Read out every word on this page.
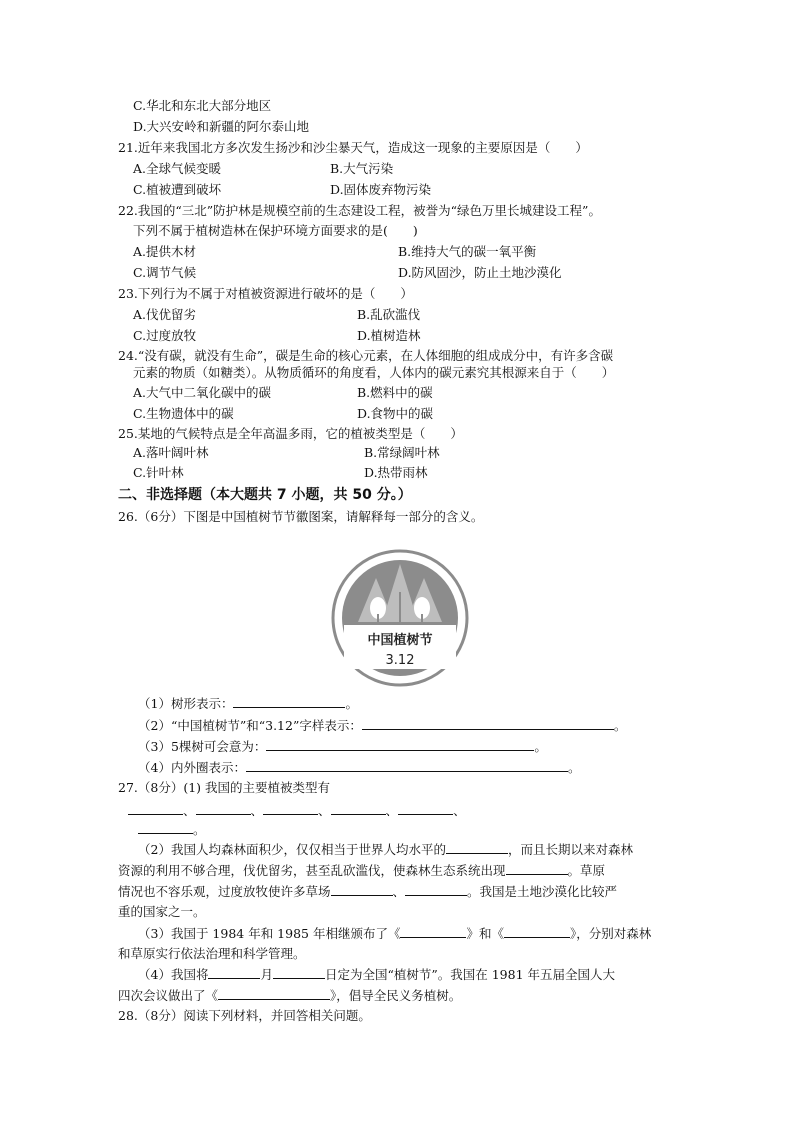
C.华北和东北大部分地区
D.大兴安岭和新疆的阿尔泰山地
21.近年来我国北方多次发生扬沙和沙尘暴天气，造成这一现象的主要原因是（　　）
A.全球气候变暖	B.大气污染
C.植被遭到破坏	D.固体废弃物污染
22.我国的“三北”防护林是规模空前的生态建设工程，被誉为“绿色万里长城建设工程”。
下列不属于植树造林在保护环境方面要求的是(　　)
A.提供木材	B.维持大气的碳一氧平衡
C.调节气候	D.防风固沙，防止土地沙漠化
23.下列行为不属于对植被资源进行破坏的是（　　）
A.伐优留劣	B.乱砍滥伐
C.过度放牧	D.植树造林
24.“没有碳，就没有生命”，碳是生命的核心元素，在人体细胞的组成成分中，有许多含碳
元素的物质（如糖类）。从物质循环的角度看，人体内的碳元素究其根源来自于（　　）
A.大气中二氧化碳中的碳	B.燃料中的碳
C.生物遗体中的碳	D.食物中的碳
25.某地的气候特点是全年高温多雨，它的植被类型是（　　）
A.落叶阔叶林	B.常绿阔叶林
C.针叶林	D.热带雨林
二、非选择题（本大题共 7 小题，共 50 分。）
26.（6分）下图是中国植树节节徽图案，请解释每一部分的含义。
中国植树节
3.12
（1）树形表示：	。
（2）“中国植树节”和“3.12”字样表示：	。
（3）5棵树可会意为：	。
（4）内外圈表示：	。
27.（8分）(1) 我国的主要植被类型有
、	、	、	、	、
。
（2）我国人均森林面积少，仅仅相当于世界人均水平的	，而且长期以来对森林
资源的利用不够合理，伐优留劣，甚至乱砍滥伐，使森林生态系统出现	。草原
情况也不容乐观，过度放牧使许多草场	、	。我国是土地沙漠化比较严
重的国家之一。
（3）我国于 1984 年和 1985 年相继颁布了《	》和《	》，分别对森林
和草原实行依法治理和科学管理。
（4）我国将	月	日定为全国“植树节”。我国在 1981 年五届全国人大
四次会议做出了《	》，倡导全民义务植树。
28.（8分）阅读下列材料，并回答相关问题。
